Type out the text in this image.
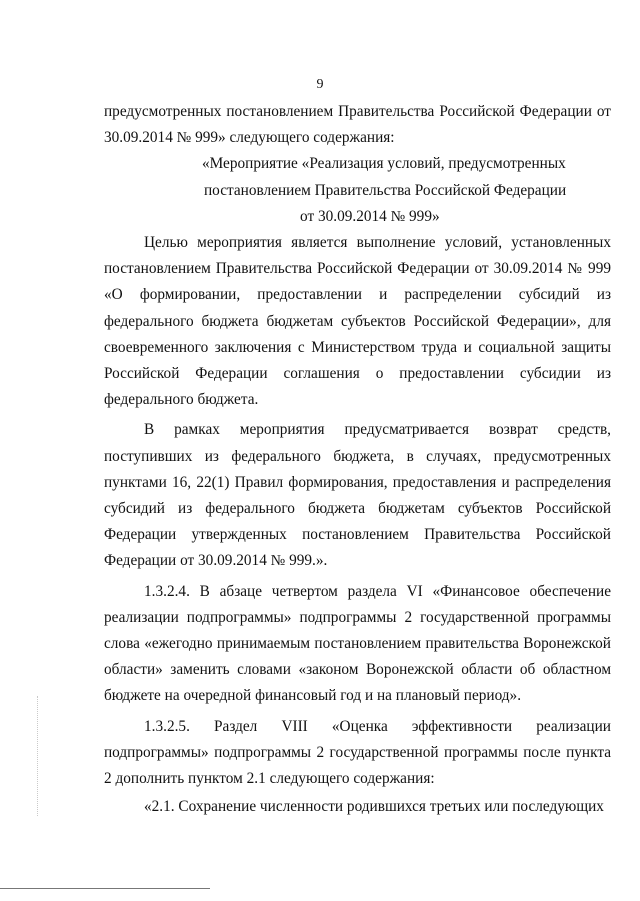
9

предусмотренных постановлением Правительства Российской Федерации от 30.09.2014 № 999» следующего содержания:

«Мероприятие «Реализация условий, предусмотренных

постановлением Правительства Российской Федерации

от 30.09.2014 № 999»

Целью мероприятия является выполнение условий, установленных постановлением Правительства Российской Федерации от 30.09.2014 № 999 «О формировании, предоставлении и распределении субсидий из федерального бюджета бюджетам субъектов Российской Федерации», для своевременного заключения с Министерством труда и социальной защиты Российской Федерации соглашения о предоставлении субсидии из федерального бюджета.

В рамках мероприятия предусматривается возврат средств, поступивших из федерального бюджета, в случаях, предусмотренных пунктами 16, 22(1) Правил формирования, предоставления и распределения субсидий из федерального бюджета бюджетам субъектов Российской Федерации утвержденных постановлением Правительства Российской Федерации от 30.09.2014 № 999.».

1.3.2.4. В абзаце четвертом раздела VI «Финансовое обеспечение реализации подпрограммы» подпрограммы 2 государственной программы слова «ежегодно принимаемым постановлением правительства Воронежской области» заменить словами «законом Воронежской области об областном бюджете на очередной финансовый год и на плановый период».

1.3.2.5. Раздел VIII «Оценка эффективности реализации подпрограммы» подпрограммы 2 государственной программы после пункта 2 дополнить пунктом 2.1 следующего содержания:

«2.1. Сохранение численности родившихся третьих или последующих
